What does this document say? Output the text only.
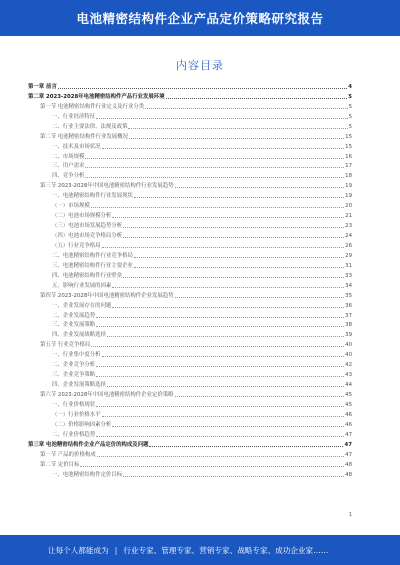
电池精密结构件企业产品定价策略研究报告
内容目录
第一章 前言	4
第二章 2023-2028年电池精密结构件产品行业发展环境	5
第一节 电池精密结构件行业定义及行业分类	5
一、行业经济特征	5
二、行业主要法律、法规及政策	5
第二节 电池精密结构件行业发展概况	15
一、技术及市场状况	15
二、市场规模	16
三、用户需求	17
四、竞争分析	18
第三节 2023-2028年中国电池精密结构件行业发展趋势	19
一、电池精密结构件行业发展现状	19
（一）市场规模	20
（二）电池市场规模分析	21
（三）电池市场发展趋势分析	23
（四）电池市场竞争格局分析	24
（五）行业竞争格局	26
二、电池精密结构件行业竞争格局	29
三、电池精密结构件行业主要企业	31
四、电池精密结构件行业壁垒	33
五、影响行业发展的因素	34
第四节 2023-2028年中国电池精密结构件企业发展趋势	35
一、企业发展存在的问题	36
二、企业发展趋势	37
三、企业发展策略	38
四、企业发展战略选择	39
第五节 行业竞争格局	40
一、行业集中度分析	40
二、企业竞争分析	42
三、企业竞争策略	43
四、企业发展策略选择	44
第六节 2023-2028年中国电池精密结构件企业定价策略	45
一、行业价格现状	45
（一）行业价格水平	46
（二）价格影响因素分析	46
二、行业价格趋势	47
第三章 电池精密结构件企业产品定价的构成及问题	47
第一节 产品的价格构成	47
第二节 定价目标	48
一、电池精密结构件定价目标	48
1
让每个人都能成为 | 行业专家、管理专家、营销专家、战略专家、成功企业家……
